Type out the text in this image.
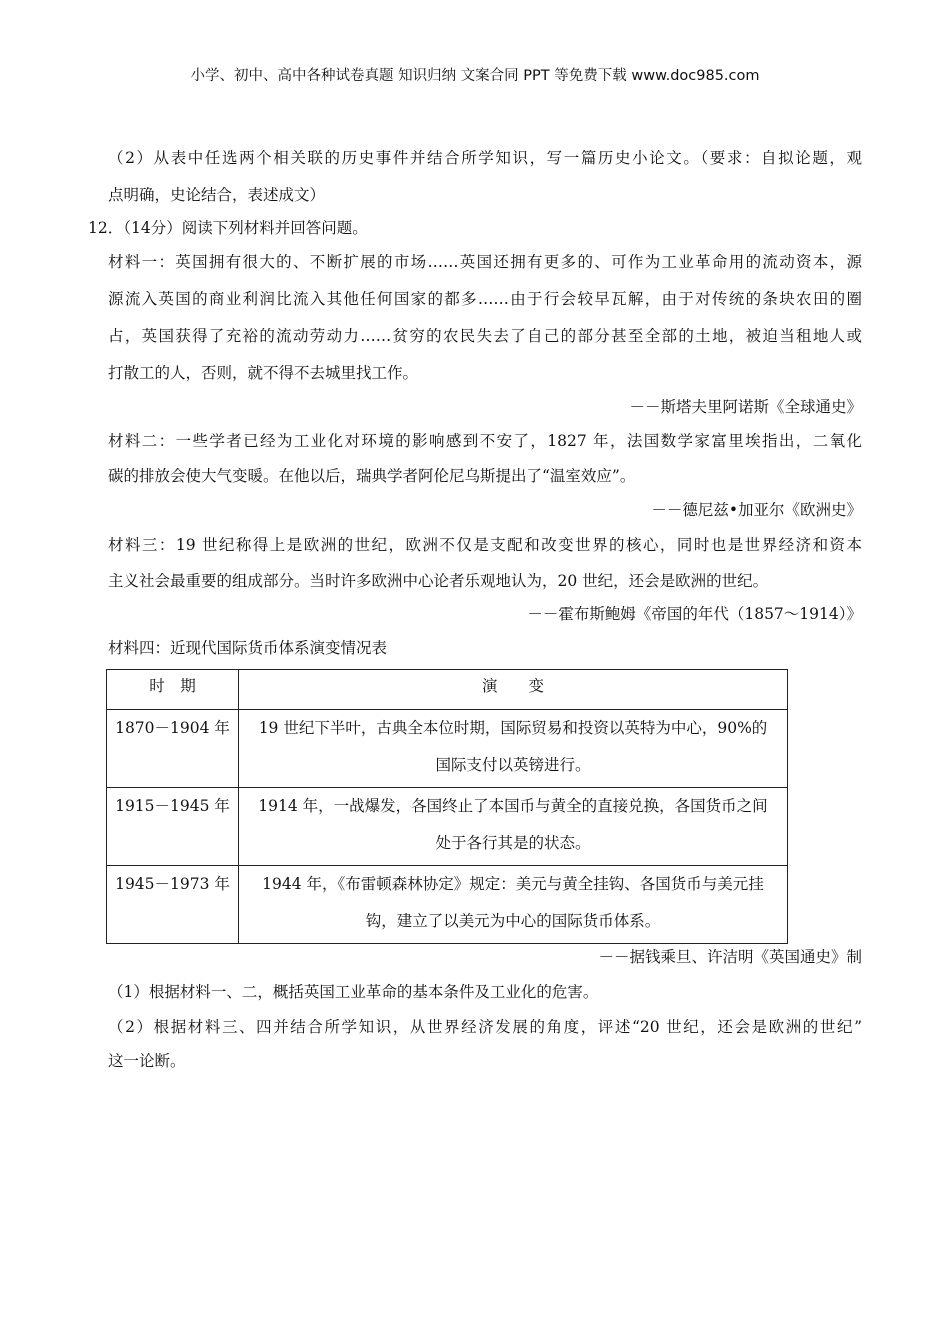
小学、初中、高中各种试卷真题 知识归纳 文案合同 PPT 等免费下载 www.doc985.com
（2）从表中任选两个相关联的历史事件并结合所学知识，写一篇历史小论文。（要求：自拟论题，观
点明确，史论结合，表述成文）
12．（14分）阅读下列材料并回答问题。
材料一：英国拥有很大的、不断扩展的市场……英国还拥有更多的、可作为工业革命用的流动资本，源
源流入英国的商业利润比流入其他任何国家的都多……由于行会较早瓦解，由于对传统的条块农田的圈
占，英国获得了充裕的流动劳动力……贫穷的农民失去了自己的部分甚至全部的土地，被迫当租地人或
打散工的人，否则，就不得不去城里找工作。
－－斯塔夫里阿诺斯《全球通史》
材料二：一些学者已经为工业化对环境的影响感到不安了，1827 年，法国数学家富里埃指出，二氧化
碳的排放会使大气变暖。在他以后，瑞典学者阿伦尼乌斯提出了“温室效应”。
－－德尼兹•加亚尔《欧洲史》
材料三：19 世纪称得上是欧洲的世纪，欧洲不仅是支配和改变世界的核心，同时也是世界经济和资本
主义社会最重要的组成部分。当时许多欧洲中心论者乐观地认为，20 世纪，还会是欧洲的世纪。
－－霍布斯鲍姆《帝国的年代（1857～1914）》
材料四：近现代国际货币体系演变情况表
时　期	演　　变
1870－1904 年	19 世纪下半叶，古典全本位时期，国际贸易和投资以英特为中心，90%的
国际支付以英镑进行。

1915－1945 年	1914 年，一战爆发，各国终止了本国币与黄全的直接兑换，各国货币之间
处于各行其是的状态。

1945－1973 年	1944 年，《布雷顿森林协定》规定：美元与黄全挂钩、各国货币与美元挂
钩，建立了以美元为中心的国际货币体系。
－－据钱乘旦、许洁明《英国通史》制
（1）根据材料一、二，概括英国工业革命的基本条件及工业化的危害。
（2）根据材料三、四并结合所学知识，从世界经济发展的角度，评述“20 世纪，还会是欧洲的世纪”
这一论断。
